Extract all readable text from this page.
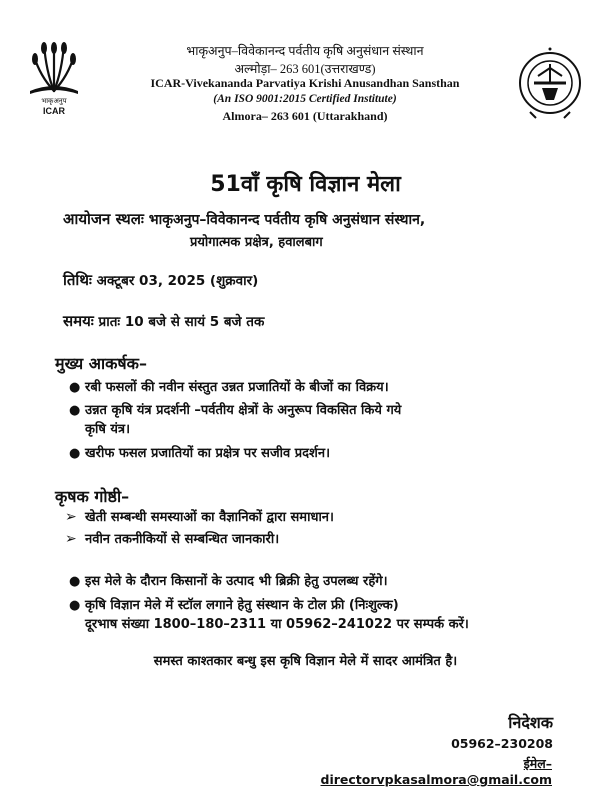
भाकृअनुप
ICAR
भाकृअनुप–विवेकानन्द पर्वतीय कृषि अनुसंधान संस्थान
अल्मोड़ा– 263 601(उत्तराखण्ड)
ICAR-Vivekananda Parvatiya Krishi Anusandhan Sansthan
(An ISO 9001:2015 Certified Institute)
Almora– 263 601 (Uttarakhand)
51वाँ कृषि विज्ञान मेला
आयोजन स्थलः भाकृअनुप–विवेकानन्द पर्वतीय कृषि अनुसंधान संस्थान,
प्रयोगात्मक प्रक्षेत्र, हवालबाग
तिथिः अक्टूबर 03, 2025 (शुक्रवार)
समयः प्रातः 10 बजे से सायं 5 बजे तक
मुख्य आकर्षक–
● रबी फसलों की नवीन संस्तुत उन्नत प्रजातियों के बीजों का विक्रय।
● उन्नत कृषि यंत्र प्रदर्शनी –पर्वतीय क्षेत्रों के अनुरूप विकसित किये गये
कृषि यंत्र।
● खरीफ फसल प्रजातियों का प्रक्षेत्र पर सजीव प्रदर्शन।
कृषक गोष्ठी–
➢ खेती सम्बन्धी समस्याओं का वैज्ञानिकों द्वारा समाधान।
➢ नवीन तकनीकियों से सम्बन्धित जानकारी।
● इस मेले के दौरान किसानों के उत्पाद भी ब्रिक्री हेतु उपलब्ध रहेंगे।
● कृषि विज्ञान मेले में स्टॉल लगाने हेतु संस्थान के टोल फ्री (निःशुल्क)
दूरभाष संख्या 1800–180–2311 या 05962–241022 पर सम्पर्क करें।
समस्त काश्तकार बन्धु इस कृषि विज्ञान मेले में सादर आमंत्रित है।
निदेशक
05962–230208
ईमेल–directorvpkasalmora@gmail.com
